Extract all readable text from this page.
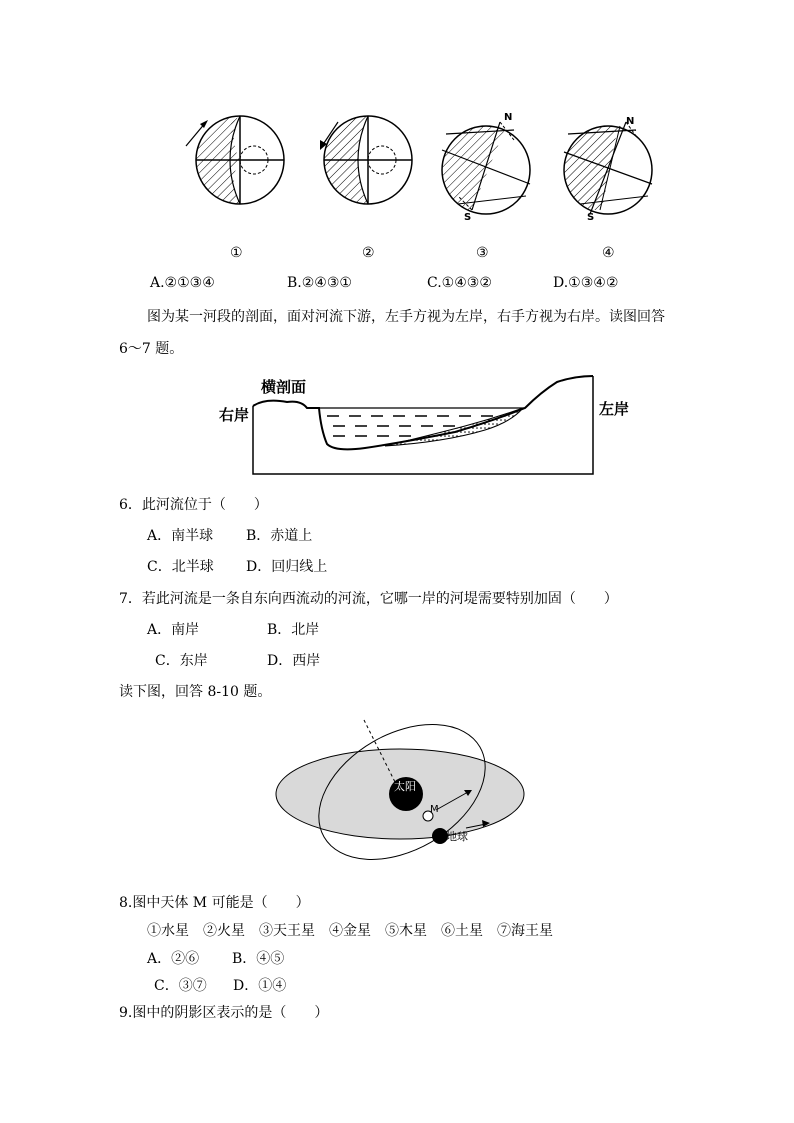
N
S
N
S
①	②	③	④
A.②①③④	B.②④③①	C.①④③②	D.①③④②
图为某一河段的剖面，面对河流下游，左手方视为左岸，右手方视为右岸。读图回答
6～7 题。
横剖面
右岸	左岸
6．此河流位于（　　）
A．南半球 B．赤道上
C．北半球 D．回归线上
7．若此河流是一条自东向西流动的河流，它哪一岸的河堤需要特别加固（　　）
A．南岸	B．北岸
C．东岸	D．西岸
读下图，回答 8-10 题。
太阳
M
地球
8.图中天体 M 可能是（　　）
①水星　②火星　③天王星　④金星　⑤木星　⑥土星　⑦海王星
A．②⑥ B．④⑤
C．③⑦ D．①④
9.图中的阴影区表示的是（　　）
